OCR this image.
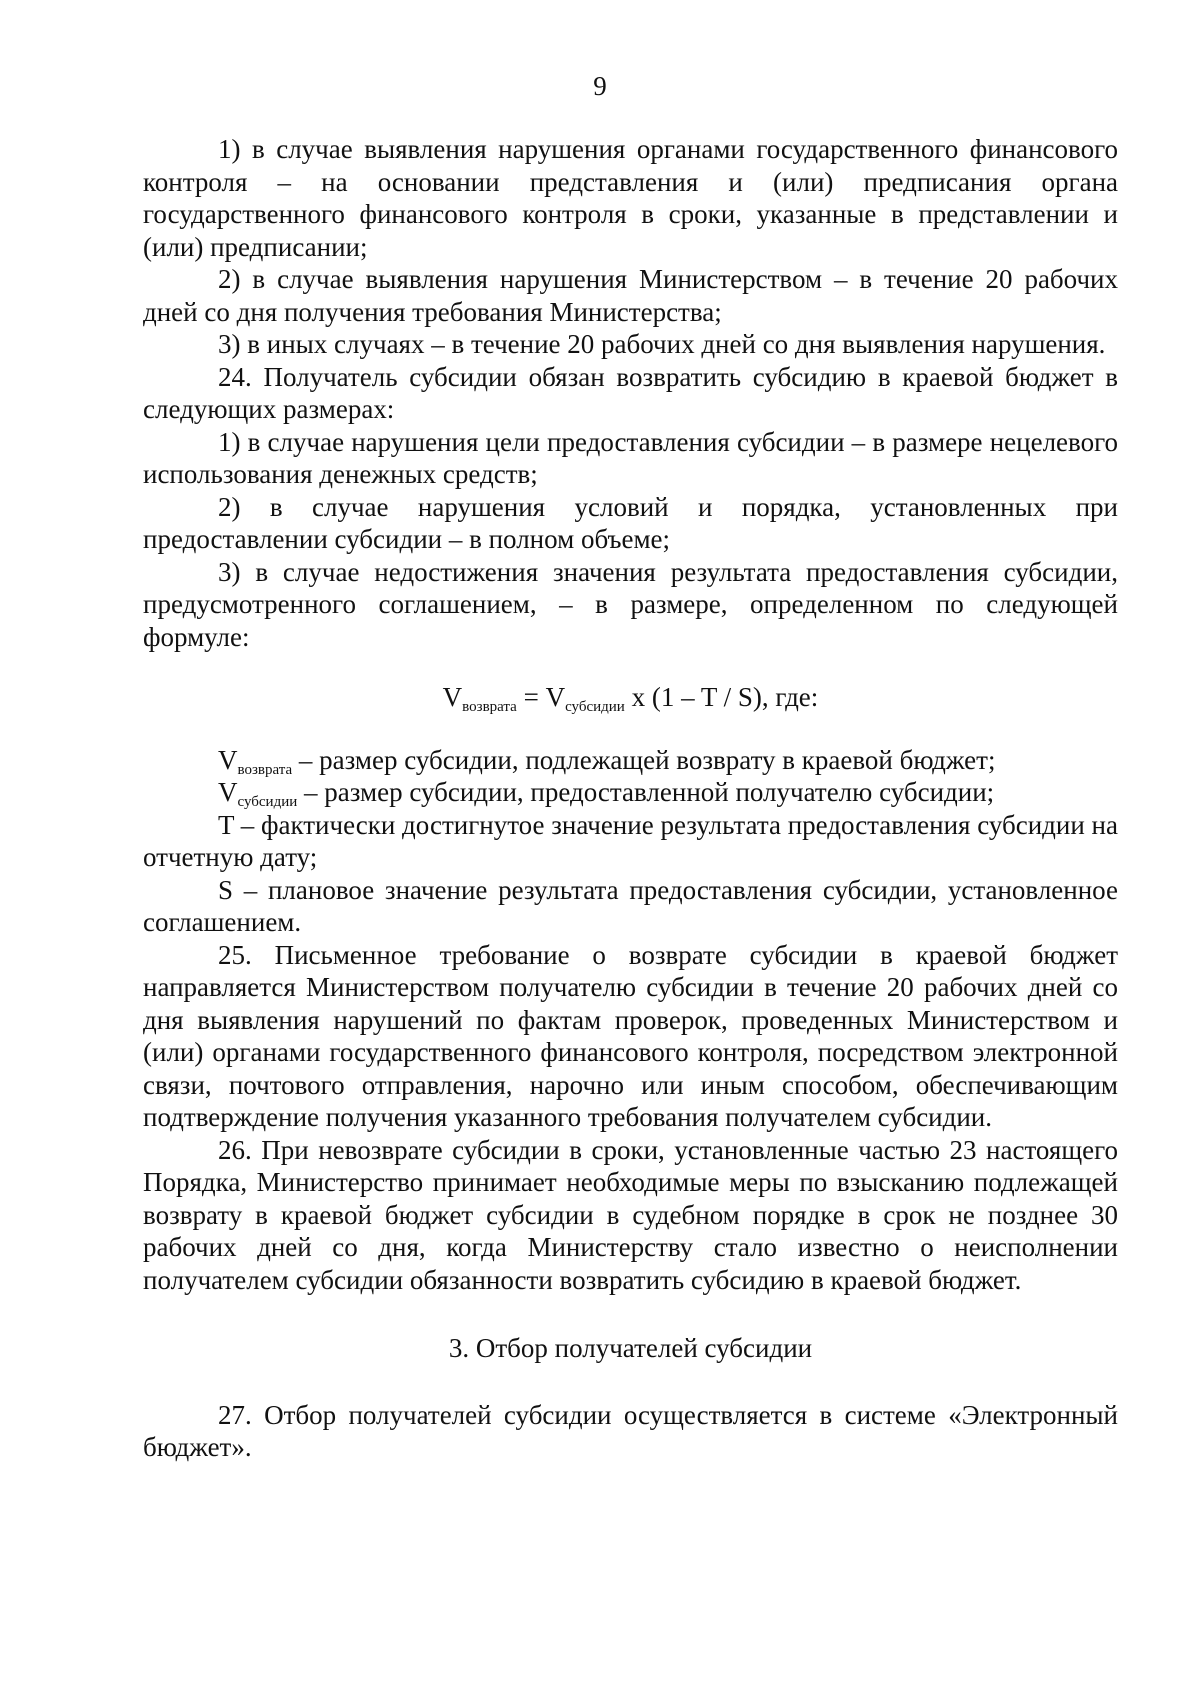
9

1) в случае выявления нарушения органами государственного финансового контроля – на основании представления и (или) предписания органа государственного финансового контроля в сроки, указанные в представлении и (или) предписании;

2) в случае выявления нарушения Министерством – в течение 20 рабочих дней со дня получения требования Министерства;

3) в иных случаях – в течение 20 рабочих дней со дня выявления нарушения.

24. Получатель субсидии обязан возвратить субсидию в краевой бюджет в следующих размерах:

1) в случае нарушения цели предоставления субсидии – в размере нецелевого использования денежных средств;

2) в случае нарушения условий и порядка, установленных при предоставлении субсидии – в полном объеме;

3) в случае недостижения значения результата предоставления субсидии, предусмотренного соглашением, – в размере, определенном по следующей формуле:

$V_{возврата} = V_{субсидии}$ x (1 – T / S), где:

$V_{возврата}$ – размер субсидии, подлежащей возврату в краевой бюджет;

$V_{субсидии}$ – размер субсидии, предоставленной получателю субсидии;

T – фактически достигнутое значение результата предоставления субсидии на отчетную дату;

S – плановое значение результата предоставления субсидии, установленное соглашением.

25. Письменное требование о возврате субсидии в краевой бюджет направляется Министерством получателю субсидии в течение 20 рабочих дней со дня выявления нарушений по фактам проверок, проведенных Министерством и (или) органами государственного финансового контроля, посредством электронной связи, почтового отправления, нарочно или иным способом, обеспечивающим подтверждение получения указанного требования получателем субсидии.

26. При невозврате субсидии в сроки, установленные частью 23 настоящего Порядка, Министерство принимает необходимые меры по взысканию подлежащей возврату в краевой бюджет субсидии в судебном порядке в срок не позднее 30 рабочих дней со дня, когда Министерству стало известно о неисполнении получателем субсидии обязанности возвратить субсидию в краевой бюджет.

3. Отбор получателей субсидии

27. Отбор получателей субсидии осуществляется в системе «Электронный бюджет».
